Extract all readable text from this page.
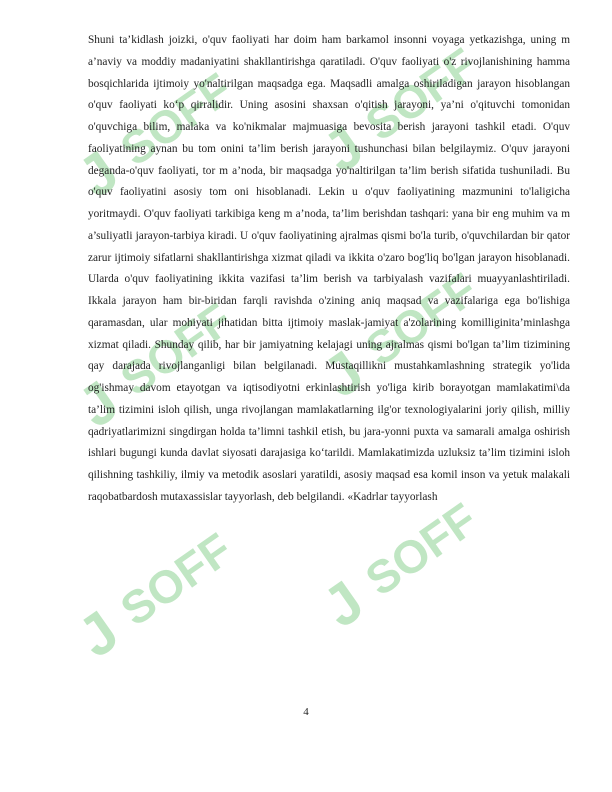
J
SOFF J
SOFF
J
SOFF J
SOFF
J
SOFF J
SOFF

Shuni ta’kidlash joizki, o'quv faoliyati har doim ham barkamol insonni voyaga yetkazishga, uning m a’naviy va moddiy madaniyatini shakllantirishga qaratiladi. O'quv faoliyati o'z rivojlanishining hamma bosqichlarida ijtimoiy yo'naltirilgan maqsadga ega. Maqsadli amalga oshiriladigan jarayon hisoblangan o'quv faoliyati ko‘p qirralidir. Uning asosini shaxsan o'qitish jarayoni, ya’ni o'qituvchi tomonidan o'quvchiga bilim, malaka va ko'nikmalar majmuasiga bevosita berish jarayoni tashkil etadi. O'quv faoliyatining aynan bu tom onini ta’lim berish jarayoni tushunchasi bilan belgilaymiz. O'quv jarayoni deganda-o'quv faoliyati, tor m a’noda, bir maqsadga yo'naltirilgan ta’lim berish sifatida tushuniladi. Bu o'quv faoliyatini asosiy tom oni hisoblanadi. Lekin u o'quv faoliyatining mazmunini to'laligicha yoritmaydi. O'quv faoliyati tarkibiga keng m a’noda, ta’lim berishdan tashqari: yana bir eng muhim va m a’suliyatli jarayon-tarbiya kiradi. U o'quv faoliyatining ajralmas qismi bo'la turib, o'quvchilardan bir qator zarur ijtimoiy sifatlarni shakllantirishga xizmat qiladi va ikkita o'zaro bog'liq bo'lgan jarayon hisoblanadi. Ularda o'quv faoliyatining ikkita vazifasi ta’lim berish va tarbiyalash vazifalari muayyanlashtiriladi. Ikkala jarayon ham bir-biridan farqli ravishda o'zining aniq maqsad va vazifalariga ega bo'lishiga qaramasdan, ular mohiyati jihatidan bitta ijtimoiy maslak-jamiyat a'zolarining komilliginita’minlashga xizmat qiladi. Shunday qilib, har bir jamiyatning kelajagi uning ajralmas qismi bo'lgan ta’lim tizimining qay darajada rivojlanganligi bilan belgilanadi. Mustaqillikni mustahkamlashning strategik yo'lida og'ishmay davom etayotgan va iqtisodiyotni erkinlashtirish yo'liga kirib borayotgan mamlakatimi\da ta’lim tizimini isloh qilish, unga rivojlangan mamlakatlarning ilg'or texnologiyalarini joriy qilish, milliy qadriyatlarimizni singdirgan holda ta’limni tashkil etish, bu jara-yonni puxta va samarali amalga oshirish ishlari bugungi kunda davlat siyosati darajasiga ko‘tarildi. Mamlakatimizda uzluksiz ta’lim tizimini isloh qilishning tashkiliy, ilmiy va metodik asoslari yaratildi, asosiy maqsad esa komil inson va yetuk malakali raqobatbardosh mutaxassislar tayyorlash, deb belgilandi. «Kadrlar tayyorlash

4
